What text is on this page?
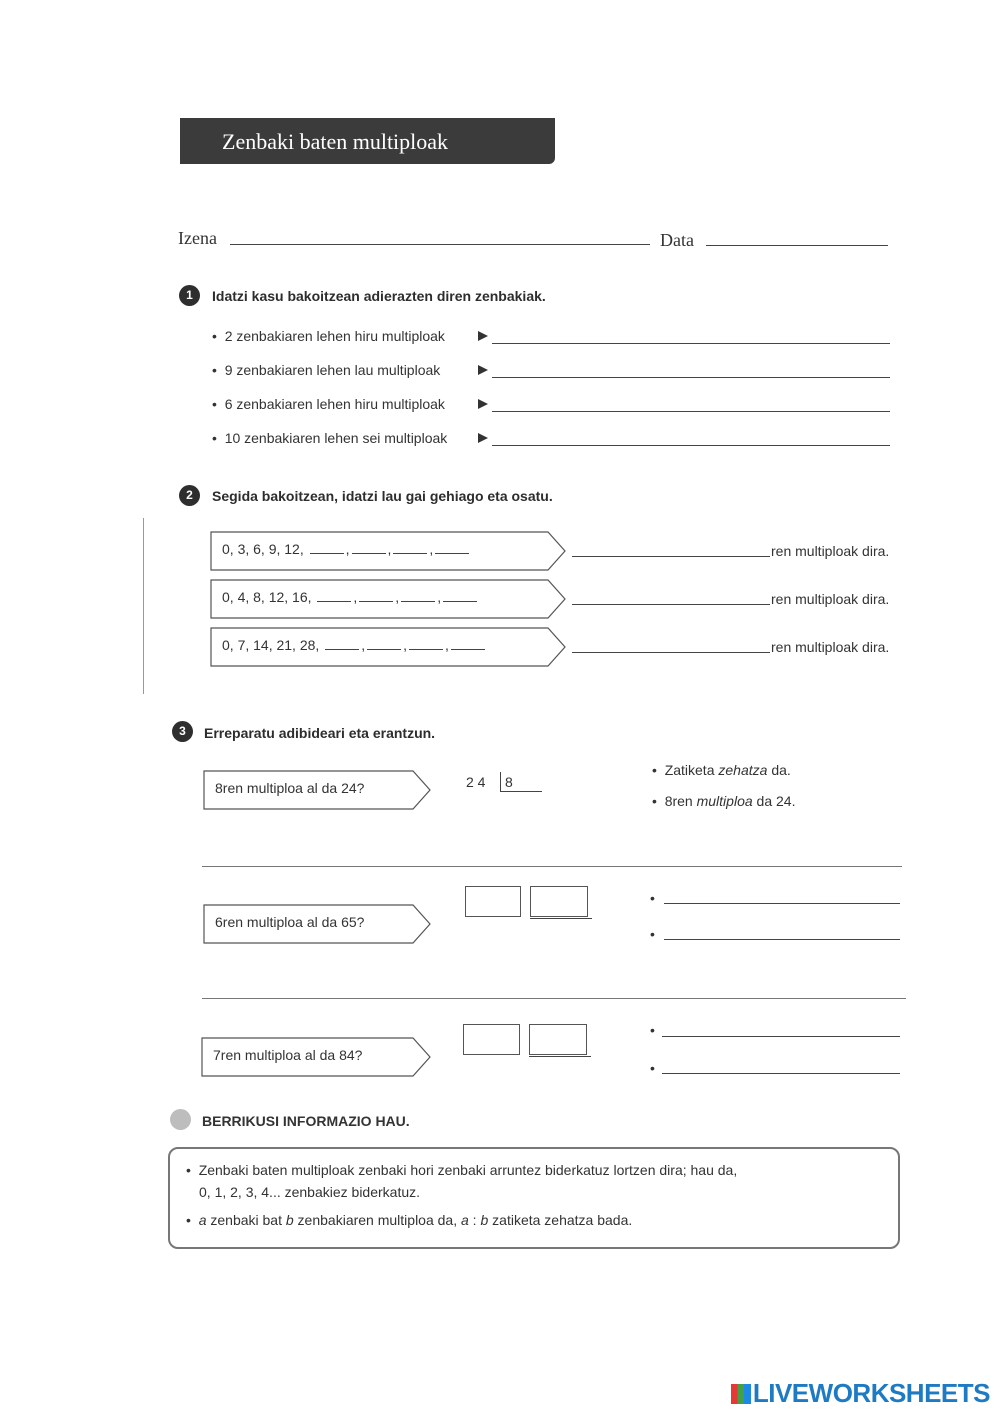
Zenbaki baten multiploak
Izena	Data
1	Idatzi kasu bakoitzean adierazten diren zenbakiak.
• 2 zenbakiaren lehen hiru multiploak
• 9 zenbakiaren lehen lau multiploak
• 6 zenbakiaren lehen hiru multiploak
• 10 zenbakiaren lehen sei multiploak
2	Segida bakoitzean, idatzi lau gai gehiago eta osatu.
0, 3, 6, 9, 12,	,	,	,	ren multiploak dira.
0, 4, 8, 12, 16,	,	,	,	ren multiploak dira.
0, 7, 14, 21, 28,	,	,	,	ren multiploak dira.
3	Erreparatu adibideari eta erantzun.
8ren multiploa al da 24?	2 4 8
• Zatiketa zehatza da.
• 8ren multiploa da 24.
6ren multiploa al da 65?
•
•
7ren multiploa al da 84?
•
•
BERRIKUSI INFORMAZIO HAU.
• Zenbaki baten multiploak zenbaki hori zenbaki arruntez biderkatuz lortzen dira; hau da,
0, 1, 2, 3, 4... zenbakiez biderkatuz.
• a zenbaki bat b zenbakiaren multiploa da, a : b zatiketa zehatza bada.
LIVEWORKSHEETS
